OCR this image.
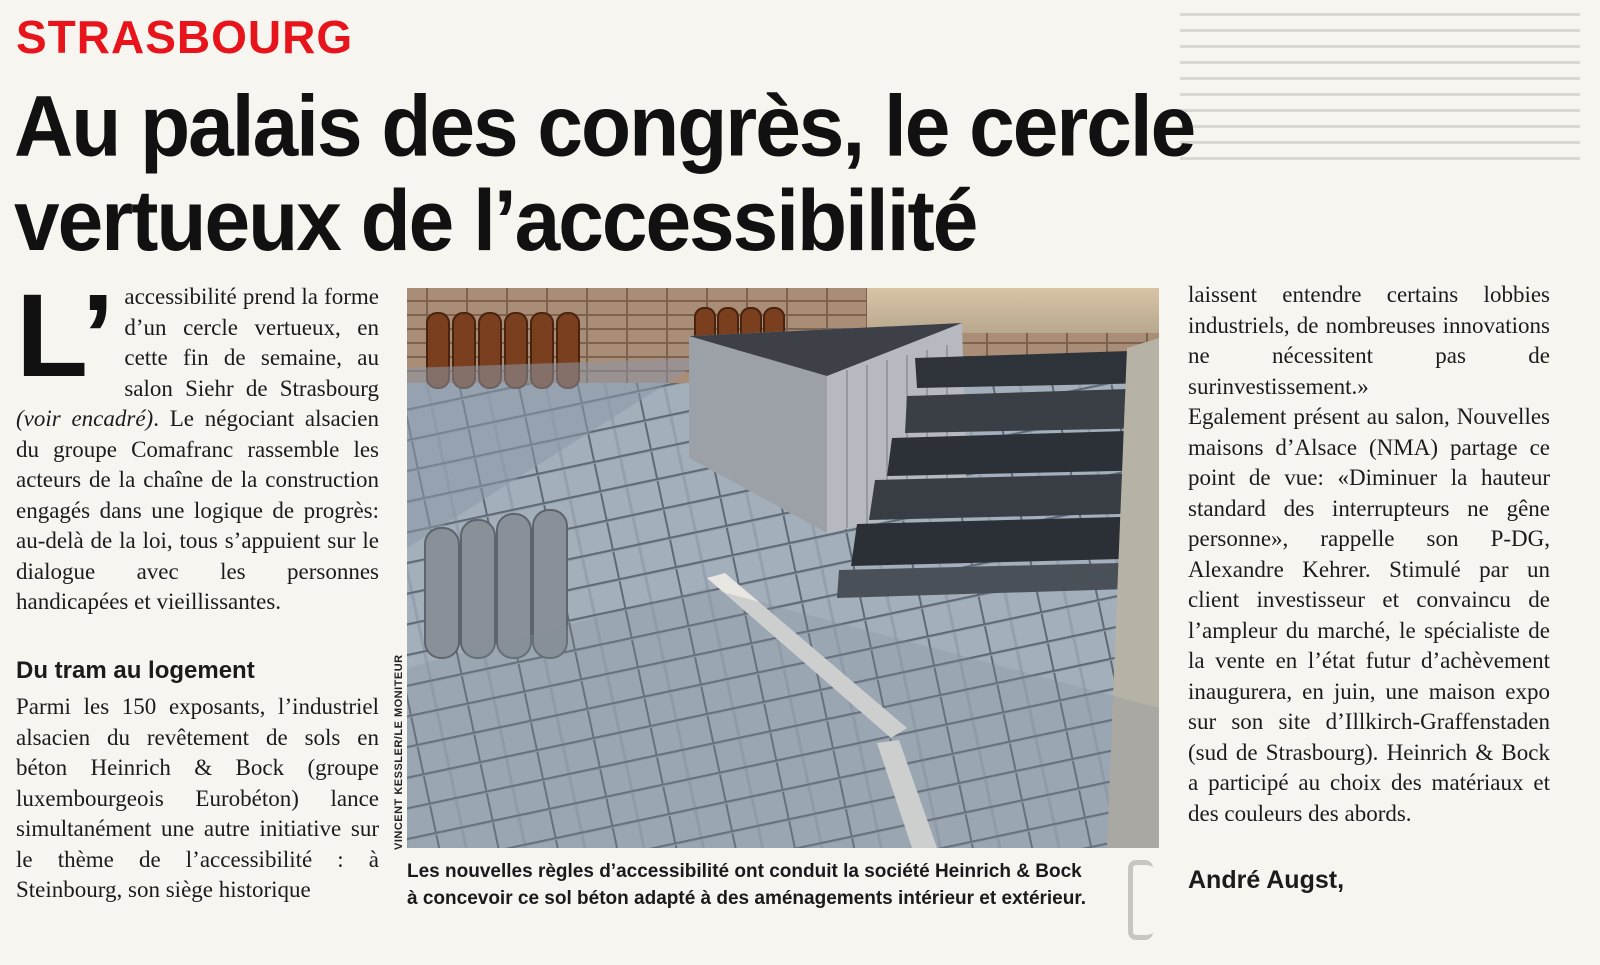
STRASBOURG
Au palais des congrès, le cercle
vertueux de l’accessibilité
L’ accessibilité prend la forme d’un cercle vertueux, en cette fin de semaine, au salon Siehr de Strasbourg (voir encadré). Le négociant alsacien du groupe Comafranc rassemble les acteurs de la chaîne de la construction engagés dans une logique de progrès: au-delà de la loi, tous s’appuient sur le dialogue avec les personnes handicapées et vieillissantes.

Du tram au logement

Parmi les 150 exposants, l’industriel alsacien du revêtement de sols en béton Heinrich & Bock (groupe luxembourgeois Eurobéton) lance simultanément une autre initiative sur le thème de l’accessibilité : à Steinbourg, son siège historique

VINCENT KESSLER/LE MONITEUR
Les nouvelles règles d’accessibilité ont conduit la société Heinrich & Bock
à concevoir ce sol béton adapté à des aménagements intérieur et extérieur.

laissent entendre certains lobbies industriels, de nombreuses innovations ne nécessitent pas de surinvestissement.»

Egalement présent au salon, Nouvelles maisons d’Alsace (NMA) partage ce point de vue: «Diminuer la hauteur standard des interrupteurs ne gêne personne», rappelle son P-DG, Alexandre Kehrer. Stimulé par un client investisseur et convaincu de l’ampleur du marché, le spécialiste de la vente en l’état futur d’achèvement inaugurera, en juin, une maison expo sur son site d’Illkirch-Graffenstaden (sud de Strasbourg). Heinrich & Bock a participé au choix des matériaux et des couleurs des abords.

André Augst,
